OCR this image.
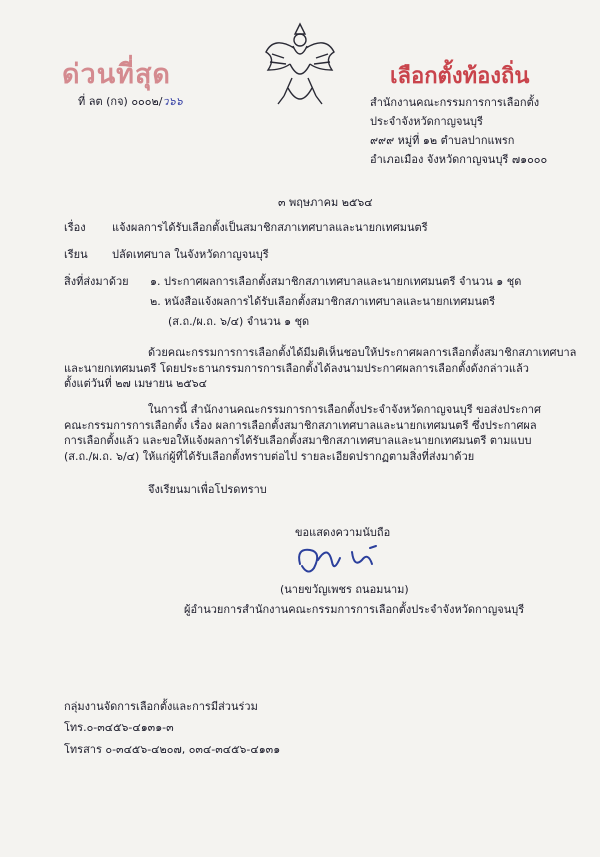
ด่วนที่สุด
ที่ ลต (กจ) ๐๐๐๒/ว๖๖
เลือกตั้งท้องถิ่น
สำนักงานคณะกรรมการการเลือกตั้ง
ประจำจังหวัดกาญจนบุรี
๙๙๙ หมู่ที่ ๑๒ ตำบลปากแพรก
อำเภอเมือง จังหวัดกาญจนบุรี ๗๑๐๐๐
๓ พฤษภาคม ๒๕๖๔
เรื่อง แจ้งผลการได้รับเลือกตั้งเป็นสมาชิกสภาเทศบาลและนายกเทศมนตรี
เรียน ปลัดเทศบาล ในจังหวัดกาญจนบุรี
สิ่งที่ส่งมาด้วย ๑. ประกาศผลการเลือกตั้งสมาชิกสภาเทศบาลและนายกเทศมนตรี จำนวน ๑ ชุด
๒. หนังสือแจ้งผลการได้รับเลือกตั้งสมาชิกสภาเทศบาลและนายกเทศมนตรี
(ส.ถ./ผ.ถ. ๖/๔) จำนวน ๑ ชุด
ด้วยคณะกรรมการการเลือกตั้งได้มีมติเห็นชอบให้ประกาศผลการเลือกตั้งสมาชิกสภาเทศบาล
และนายกเทศมนตรี โดยประธานกรรมการการเลือกตั้งได้ลงนามประกาศผลการเลือกตั้งดังกล่าวแล้ว
ตั้งแต่วันที่ ๒๗ เมษายน ๒๕๖๔
ในการนี้ สำนักงานคณะกรรมการการเลือกตั้งประจำจังหวัดกาญจนบุรี ขอส่งประกาศ
คณะกรรมการการเลือกตั้ง เรื่อง ผลการเลือกตั้งสมาชิกสภาเทศบาลและนายกเทศมนตรี ซึ่งประกาศผล
การเลือกตั้งแล้ว และขอให้แจ้งผลการได้รับเลือกตั้งสมาชิกสภาเทศบาลและนายกเทศมนตรี ตามแบบ
(ส.ถ./ผ.ถ. ๖/๔) ให้แก่ผู้ที่ได้รับเลือกตั้งทราบต่อไป รายละเอียดปรากฏตามสิ่งที่ส่งมาด้วย
จึงเรียนมาเพื่อโปรดทราบ
ขอแสดงความนับถือ
(นายขวัญเพชร ถนอมนาม)
ผู้อำนวยการสำนักงานคณะกรรมการการเลือกตั้งประจำจังหวัดกาญจนบุรี
กลุ่มงานจัดการเลือกตั้งและการมีส่วนร่วม
โทร.๐-๓๔๕๖-๔๑๓๑-๓
โทรสาร ๐-๓๔๕๖-๔๒๐๗, ๐๓๔-๓๔๕๖-๔๑๓๑
